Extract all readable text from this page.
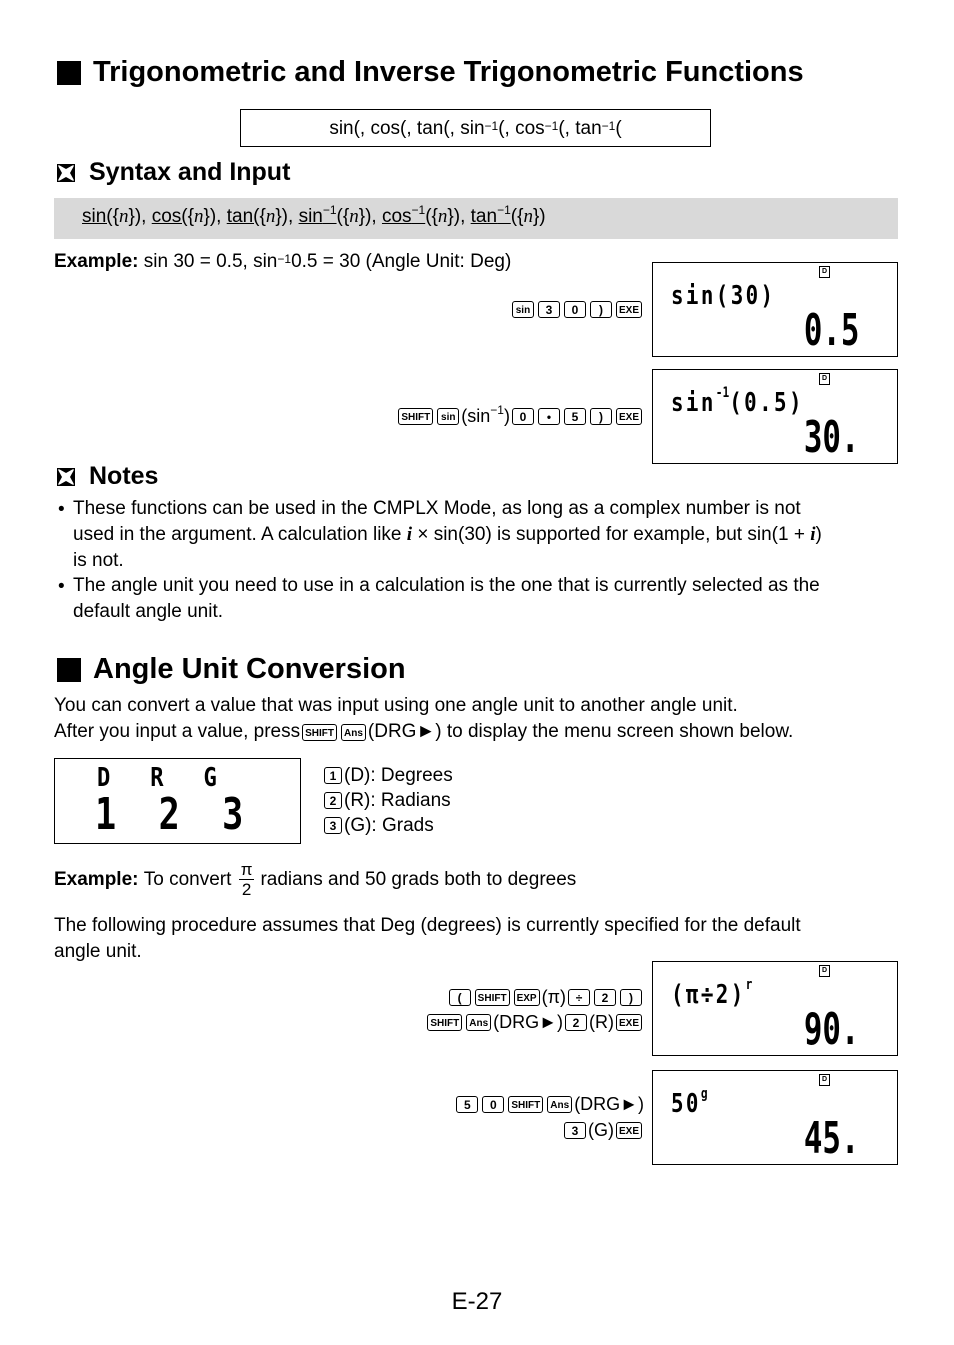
Trigonometric and Inverse Trigonometric Functions
sin(, cos(, tan(, $\sin^{-1}$(, $\cos^{-1}$(, $\tan^{-1}$(
Syntax and Input
sin({n}), cos({n}), tan({n}), $\sin^{-1}(\{n\})$, $\cos^{-1}(\{n\})$, $\tan^{-1}(\{n\})$
Example: sin 30 = 0.5, $\sin^{-1}0.5 = 30$ (Angle Unit: Deg)
sin	3	0	)	EXE sin(30)
D
0.5
SHIFT	$\sin (\sin^{-1})$ 0	•	5	)	EXE $\sin^{-1}(0.5)$
D
30.
Notes
• These functions can be used in the CMPLX Mode, as long as a complex number is not
used in the argument. A calculation like i × sin(30) is supported for example, but sin(1 + i)
is not.
• The angle unit you need to use in a calculation is the one that is currently selected as the
default angle unit.
Angle Unit Conversion
You can convert a value that was input using one angle unit to another angle unit.
After you input a value, press SHIFT	Ans (DRG►) to display the menu screen shown below.
D   R   G
1  2  3
1 (D): Degrees
2 (R): Radians
3 (G): Grads
Example:
To convert
π
2 radians and 50 grads both to degrees
The following procedure assumes that Deg (degrees) is currently specified for the default
angle unit.
(	SHIFT	EXP (π) ÷	2	)
SHIFT	Ans (DRG►) 2 (R) EXE
$(\pi\div 2)^r$
D
90.
5	0	SHIFT	Ans (DRG►)
3 (G) EXE
50$^g$
D
45.
E-27
